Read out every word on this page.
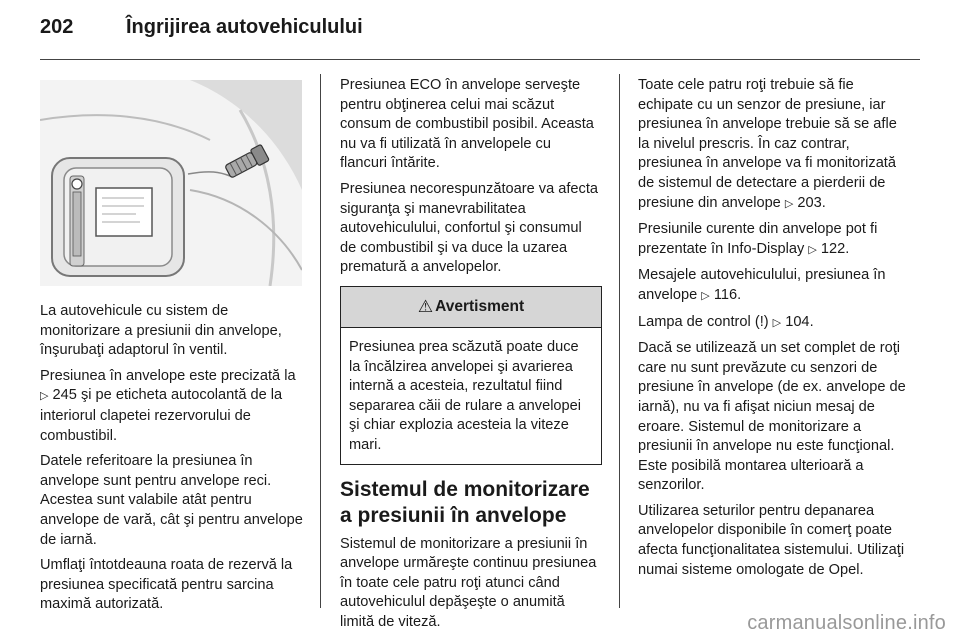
202	Îngrijirea autovehiculului

La autovehicule cu sistem de monitorizare a presiunii din anvelope, înşurubaţi adaptorul în ventil.

Presiunea în anvelope este precizată la ▷ 245 şi pe eticheta autocolantă de la interiorul clapetei rezervorului de combustibil.

Datele referitoare la presiunea în anvelope sunt pentru anvelope reci. Acestea sunt valabile atât pentru anvelope de vară, cât şi pentru anvelope de iarnă.

Umflaţi întotdeauna roata de rezervă la presiunea specificată pentru sarcina maximă autorizată.

Presiunea ECO în anvelope serveşte pentru obţinerea celui mai scăzut consum de combustibil posibil. Aceasta nu va fi utilizată în anvelopele cu flancuri întărite.

Presiunea necorespunzătoare va afecta siguranţa şi manevrabilitatea autovehiculului, confortul şi consumul de combustibil şi va duce la uzarea prematură a anvelopelor.

⚠ Avertisment
Presiunea prea scăzută poate duce la încălzirea anvelopei şi avarierea internă a acesteia, rezultatul fiind separarea căii de rulare a anvelopei şi chiar explozia acesteia la viteze mari.
Sistemul de monitorizare a presiunii în anvelope

Sistemul de monitorizare a presiunii în anvelope urmăreşte continuu presiunea în toate cele patru roţi atunci când autovehiculul depăşeşte o anumită limită de viteză.

Toate cele patru roţi trebuie să fie echipate cu un senzor de presiune, iar presiunea în anvelope trebuie să se afle la nivelul prescris. În caz contrar, presiunea în anvelope va fi monitorizată de sistemul de detectare a pierderii de presiune din anvelope ▷ 203.

Presiunile curente din anvelope pot fi prezentate în Info-Display ▷ 122.

Mesajele autovehiculului, presiunea în anvelope ▷ 116.

Lampa de control (!) ▷ 104.

Dacă se utilizează un set complet de roţi care nu sunt prevăzute cu senzori de presiune în anvelope (de ex. anvelope de iarnă), nu va fi afişat niciun mesaj de eroare. Sistemul de monitorizare a presiunii în anvelope nu este funcţional. Este posibilă montarea ulterioară a senzorilor.

Utilizarea seturilor pentru depanarea anvelopelor disponibile în comerţ poate afecta funcţionalitatea sistemului. Utilizaţi numai sisteme omologate de Opel.

carmanualsonline.info
